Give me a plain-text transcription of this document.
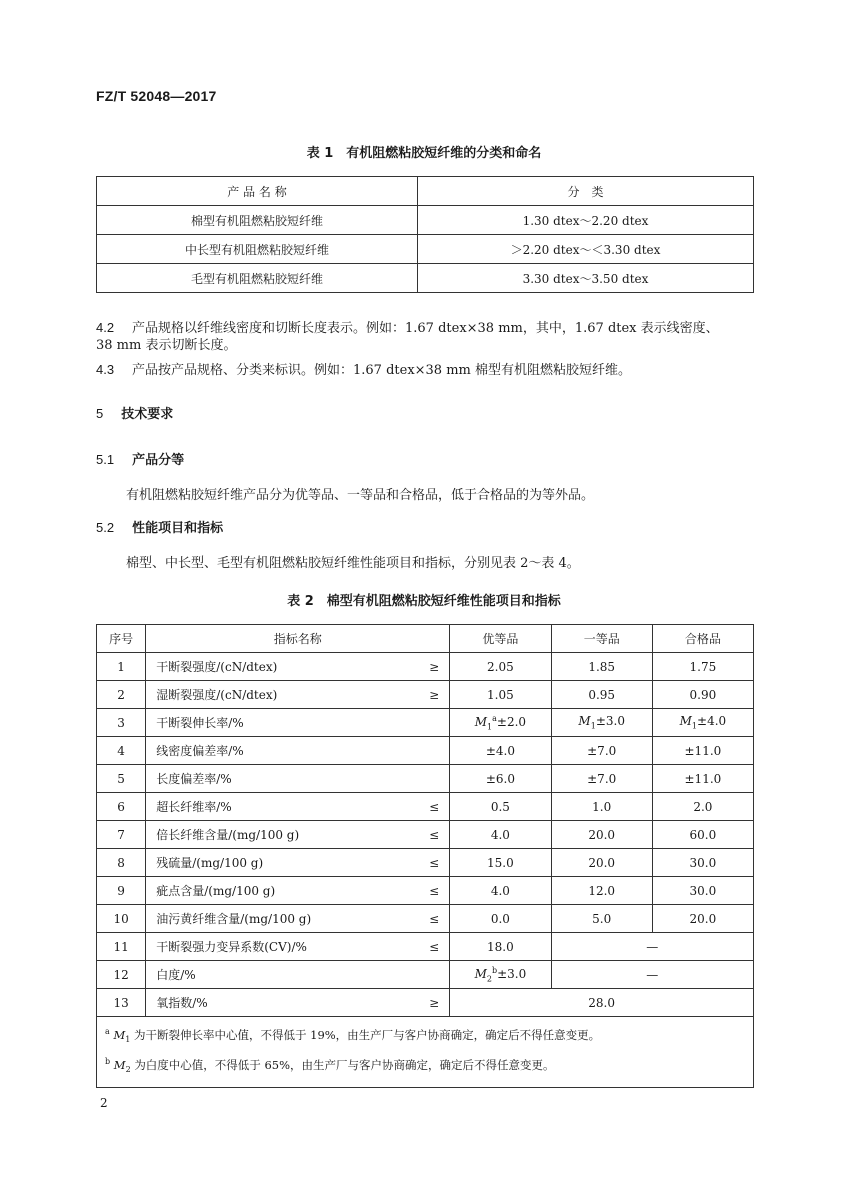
FZ/T 52048—2017
表 1　有机阻燃粘胶短纤维的分类和命名
产 品 名 称	分　类
棉型有机阻燃粘胶短纤维	1.30 dtex～2.20 dtex
中长型有机阻燃粘胶短纤维	＞2.20 dtex～＜3.30 dtex
毛型有机阻燃粘胶短纤维	3.30 dtex～3.50 dtex
4.2 产品规格以纤维线密度和切断长度表示。例如：1.67 dtex×38 mm，其中，1.67 dtex 表示线密度、
38 mm 表示切断长度。
4.3 产品按产品规格、分类来标识。例如：1.67 dtex×38 mm 棉型有机阻燃粘胶短纤维。
5 技术要求
5.1 产品分等
有机阻燃粘胶短纤维产品分为优等品、一等品和合格品，低于合格品的为等外品。
5.2 性能项目和指标
棉型、中长型、毛型有机阻燃粘胶短纤维性能项目和指标，分别见表 2～表 4。
表 2　棉型有机阻燃粘胶短纤维性能项目和指标
序号	指标名称	优等品	一等品	合格品
1	干断裂强度/(cN/dtex) ≥	2.05	1.85	1.75
2	湿断裂强度/(cN/dtex) ≥	1.05	0.95	0.90
3	干断裂伸长率/%	$M_1^a\pm 2.0$	$M_1\pm 3.0$	$M_1\pm 4.0$
4	线密度偏差率/%	±4.0	±7.0	±11.0
5	长度偏差率/%	±6.0	±7.0	±11.0
6	超长纤维率/% ≤	0.5	1.0	2.0
7	倍长纤维含量/(mg/100 g) ≤	4.0	20.0	60.0
8	残硫量/(mg/100 g) ≤	15.0	20.0	30.0
9	疵点含量/(mg/100 g) ≤	4.0	12.0	30.0
10	油污黄纤维含量/(mg/100 g) ≤	0.0	5.0	20.0
11	干断裂强力变异系数(CV)/% ≤	18.0	—	
12	白度/%	$M_2^b\pm 3.0$	—	
13	氧指数/% ≥	28.0		

$^a$ $M_1$ 为干断裂伸长率中心值，不得低于 19%，由生产厂与客户协商确定，确定后不得任意变更。
$^b$ $M_2$ 为白度中心值，不得低于 65%，由生产厂与客户协商确定，确定后不得任意变更。				
2
